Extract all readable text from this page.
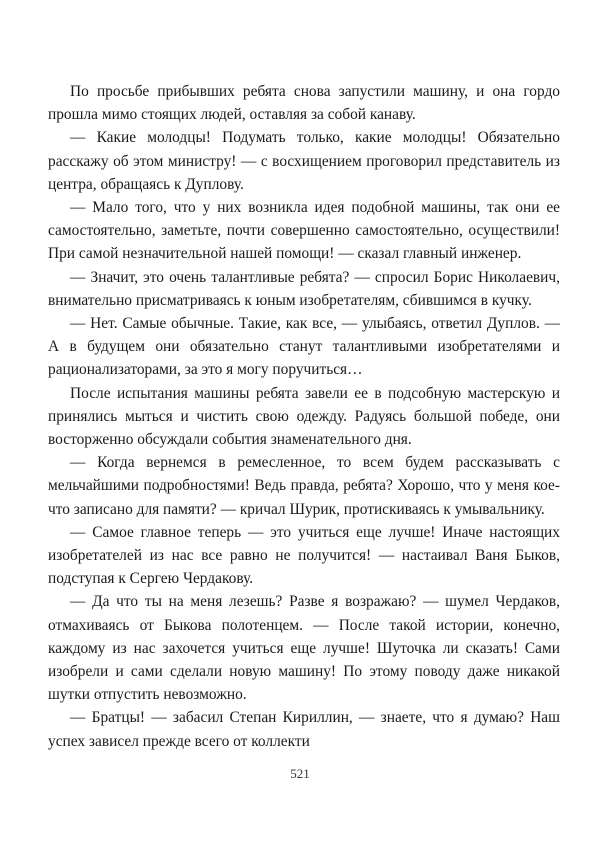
По просьбе прибывших ребята снова запустили машину, и она гордо прошла мимо стоящих людей, оставляя за собой канаву.

— Какие молодцы! Подумать только, какие молодцы! Обязательно расскажу об этом министру! — с восхищением проговорил представитель из центра, обращаясь к Дуплову.

— Мало того, что у них возникла идея подобной машины, так они ее самостоятельно, заметьте, почти совершенно самостоятельно, осуществили! При самой незначительной нашей помощи! — сказал главный инженер.

— Значит, это очень талантливые ребята? — спросил Борис Николаевич, внимательно присматриваясь к юным изобретателям, сбившимся в кучку.

— Нет. Самые обычные. Такие, как все, — улыбаясь, ответил Дуплов. — А в будущем они обязательно станут талантливыми изобретателями и рационализаторами, за это я могу поручиться…

После испытания машины ребята завели ее в подсобную мастерскую и принялись мыться и чистить свою одежду. Радуясь большой победе, они восторженно обсуждали события знаменательного дня.

— Когда вернемся в ремесленное, то всем будем рассказывать с мельчайшими подробностями! Ведь правда, ребята? Хорошо, что у меня кое-что записано для памяти? — кричал Шурик, протискиваясь к умывальнику.

— Самое главное теперь — это учиться еще лучше! Иначе настоящих изобретателей из нас все равно не получится! — настаивал Ваня Быков, подступая к Сергею Чердакову.

— Да что ты на меня лезешь? Разве я возражаю? — шумел Чердаков, отмахиваясь от Быкова полотенцем. — После такой истории, конечно, каждому из нас захочется учиться еще лучше! Шуточка ли сказать! Сами изобрели и сами сделали новую машину! По этому поводу даже никакой шутки отпустить невозможно.

— Братцы! — забасил Степан Кириллин, — знаете, что я думаю? Наш успех зависел прежде всего от коллекти

521
